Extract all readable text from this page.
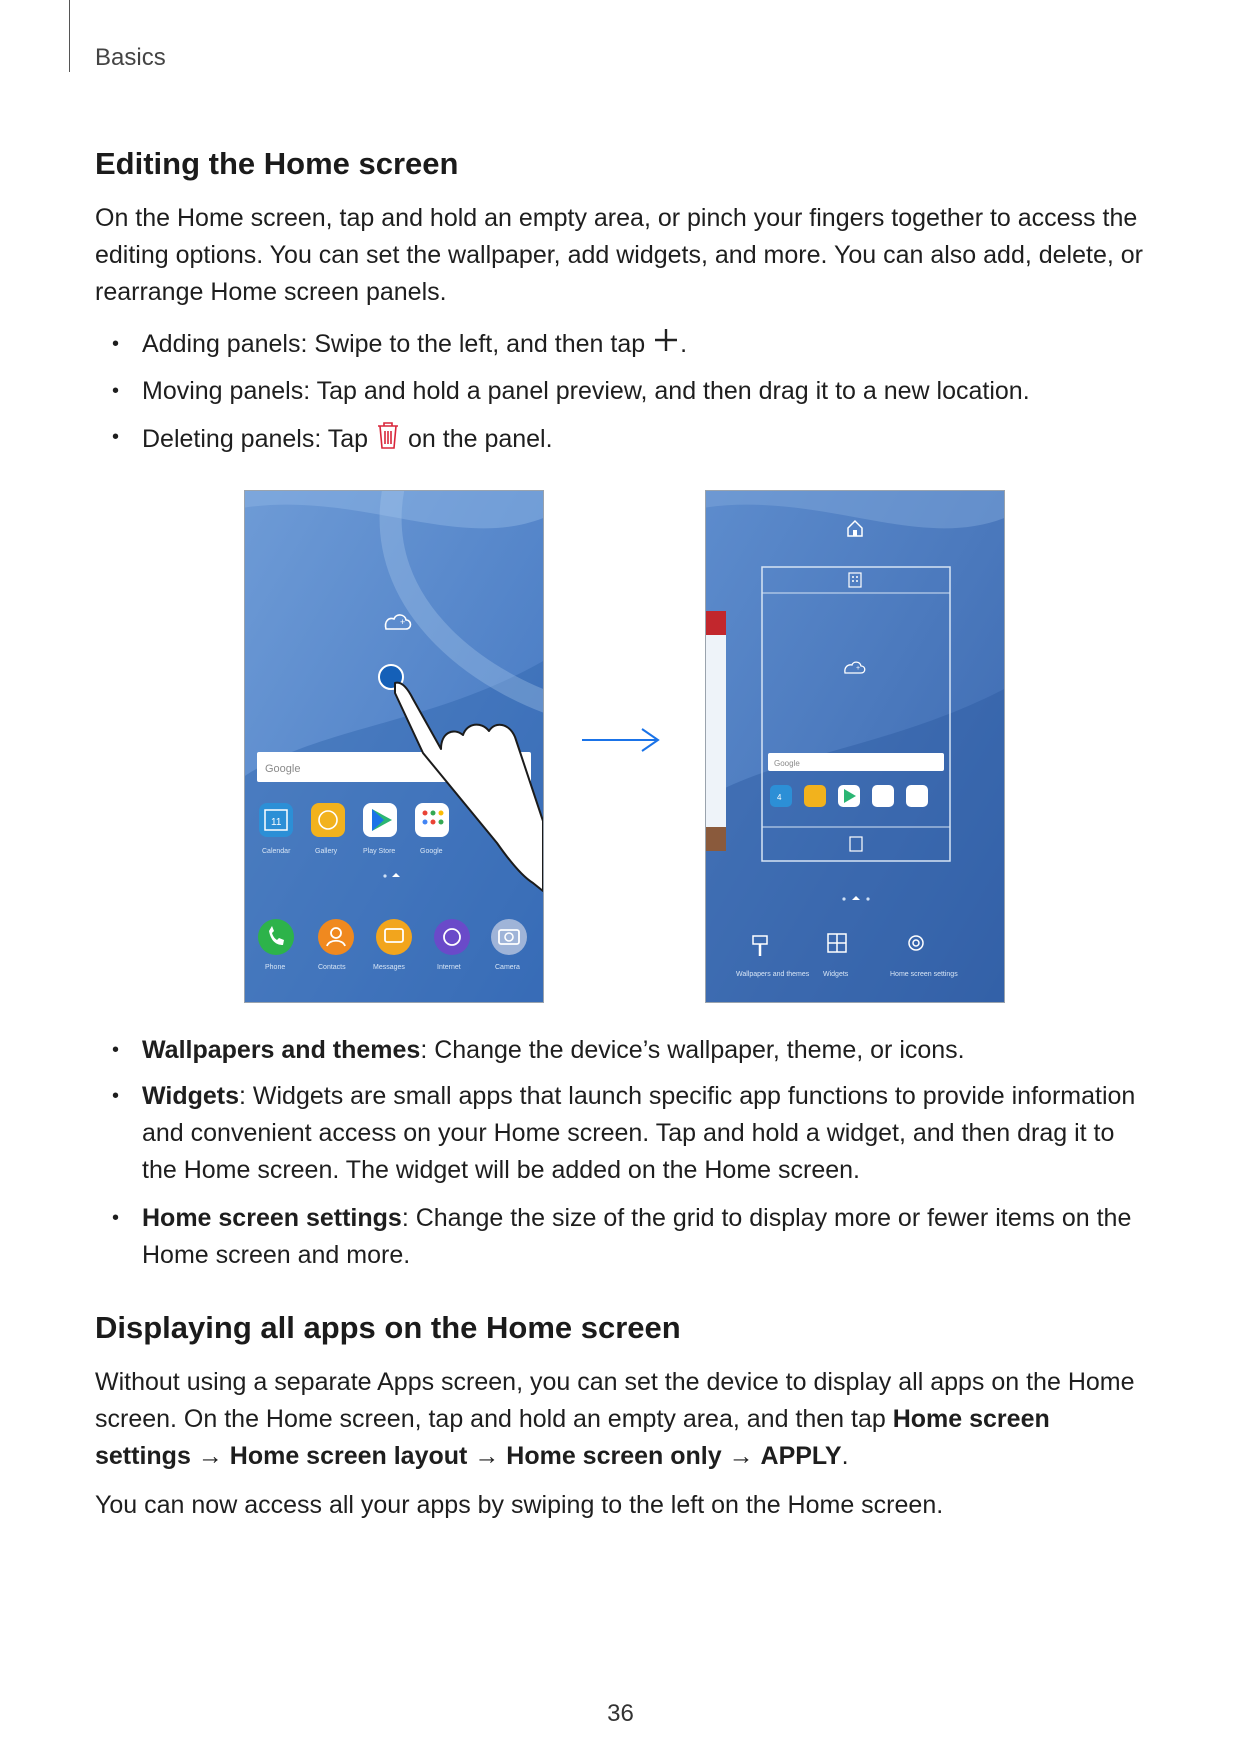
Basics
Editing the Home screen

On the Home screen, tap and hold an empty area, or pinch your fingers together to access the editing options. You can set the wallpaper, add widgets, and more. You can also add, delete, or rearrange Home screen panels.

• Adding panels: Swipe to the left, and then tap .
• Moving panels: Tap and hold a panel preview, and then drag it to a new location.
• Deleting panels: Tap  on the panel.
+
Google
11
Calendar	Gallery	Play Store	Google
Phone	Contacts	Messages	Internet	Camera
+
Google
4
Wallpapers and themes Widgets	Home screen settings
• Wallpapers and themes: Change the device’s wallpaper, theme, or icons.
• Widgets: Widgets are small apps that launch specific app functions to provide information and convenient access on your Home screen. Tap and hold a widget, and then drag it to the Home screen. The widget will be added on the Home screen.
• Home screen settings: Change the size of the grid to display more or fewer items on the Home screen and more.
Displaying all apps on the Home screen

Without using a separate Apps screen, you can set the device to display all apps on the Home screen. On the Home screen, tap and hold an empty area, and then tap Home screen settings → Home screen layout → Home screen only → APPLY.

You can now access all your apps by swiping to the left on the Home screen.

36
